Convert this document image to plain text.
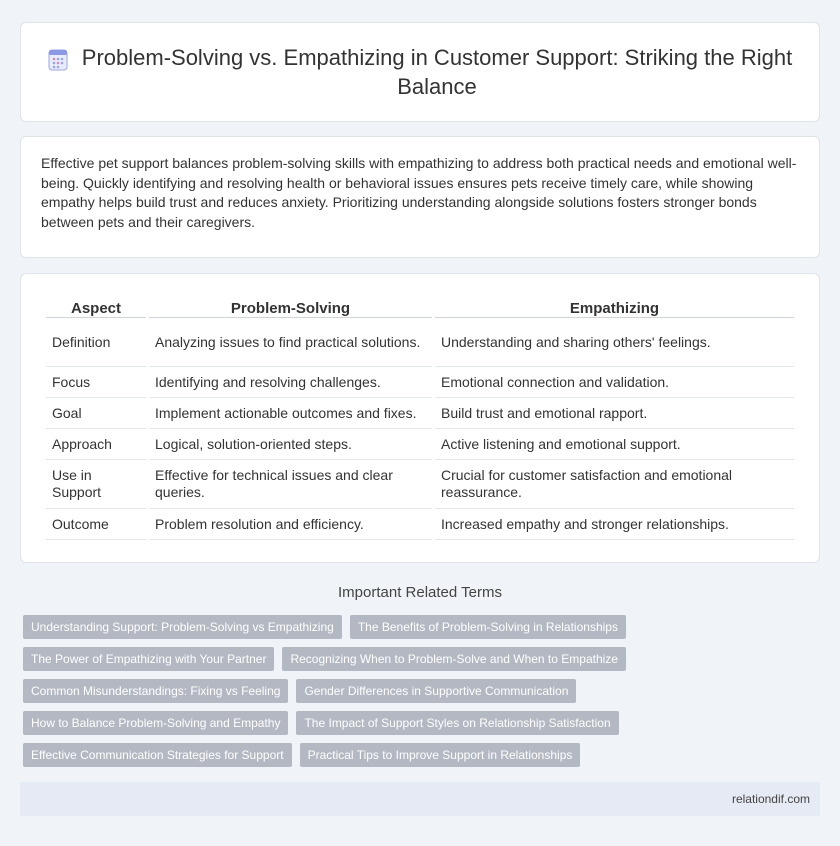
Problem-Solving vs. Empathizing in Customer Support: Striking the Right Balance

Effective pet support balances problem-solving skills with empathizing to address both practical needs and emotional well-being. Quickly identifying and resolving health or behavioral issues ensures pets receive timely care, while showing empathy helps build trust and reduces anxiety. Prioritizing understanding alongside solutions fosters stronger bonds between pets and their caregivers.

Aspect	Problem-Solving	Empathizing
Definition	Analyzing issues to find practical solutions.	Understanding and sharing others' feelings.
Focus	Identifying and resolving challenges.	Emotional connection and validation.
Goal	Implement actionable outcomes and fixes.	Build trust and emotional rapport.
Approach	Logical, solution-oriented steps.	Active listening and emotional support.
Use in Support	Effective for technical issues and clear queries.	Crucial for customer satisfaction and emotional reassurance.
Outcome	Problem resolution and efficiency.	Increased empathy and stronger relationships.
Important Related Terms
Understanding Support: Problem-Solving vs Empathizing	The Benefits of Problem-Solving in Relationships
The Power of Empathizing with Your Partner	Recognizing When to Problem-Solve and When to Empathize
Common Misunderstandings: Fixing vs Feeling	Gender Differences in Supportive Communication
How to Balance Problem-Solving and Empathy	The Impact of Support Styles on Relationship Satisfaction
Effective Communication Strategies for Support	Practical Tips to Improve Support in Relationships
relationdif.com
